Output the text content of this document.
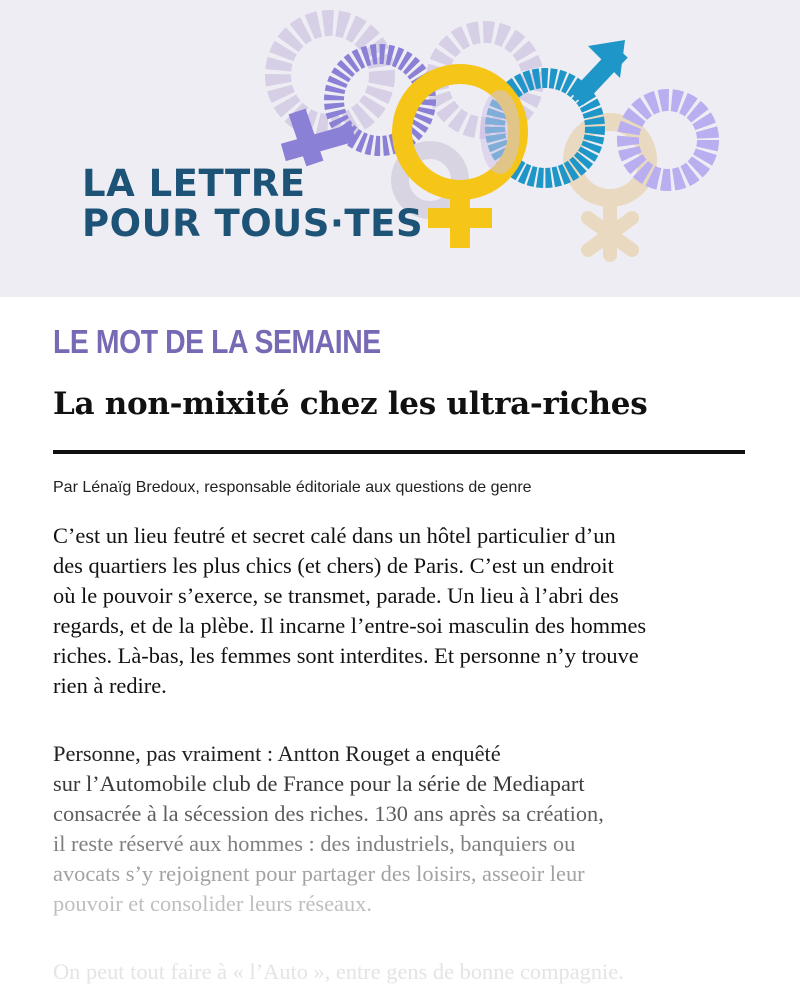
LA LETTRE
POUR TOUS·TES
LE MOT DE LA SEMAINE
La non-mixité chez les ultra-riches
Par Lénaïg Bredoux, responsable éditoriale aux questions de genre

C’est un lieu feutré et secret calé dans un hôtel particulier d’un
des quartiers les plus chics (et chers) de Paris. C’est un endroit
où le pouvoir s’exerce, se transmet, parade. Un lieu à l’abri des
regards, et de la plèbe. Il incarne l’entre-soi masculin des hommes
riches. Là-bas, les femmes sont interdites. Et personne n’y trouve
rien à redire.

Personne, pas vraiment : Antton Rouget a enquêté
sur l’Automobile club de France pour la série de Mediapart
consacrée à la sécession des riches. 130 ans après sa création,
il reste réservé aux hommes : des industriels, banquiers ou
avocats s’y rejoignent pour partager des loisirs, asseoir leur
pouvoir et consolider leurs réseaux.

On peut tout faire à « l’Auto », entre gens de bonne compagnie.
